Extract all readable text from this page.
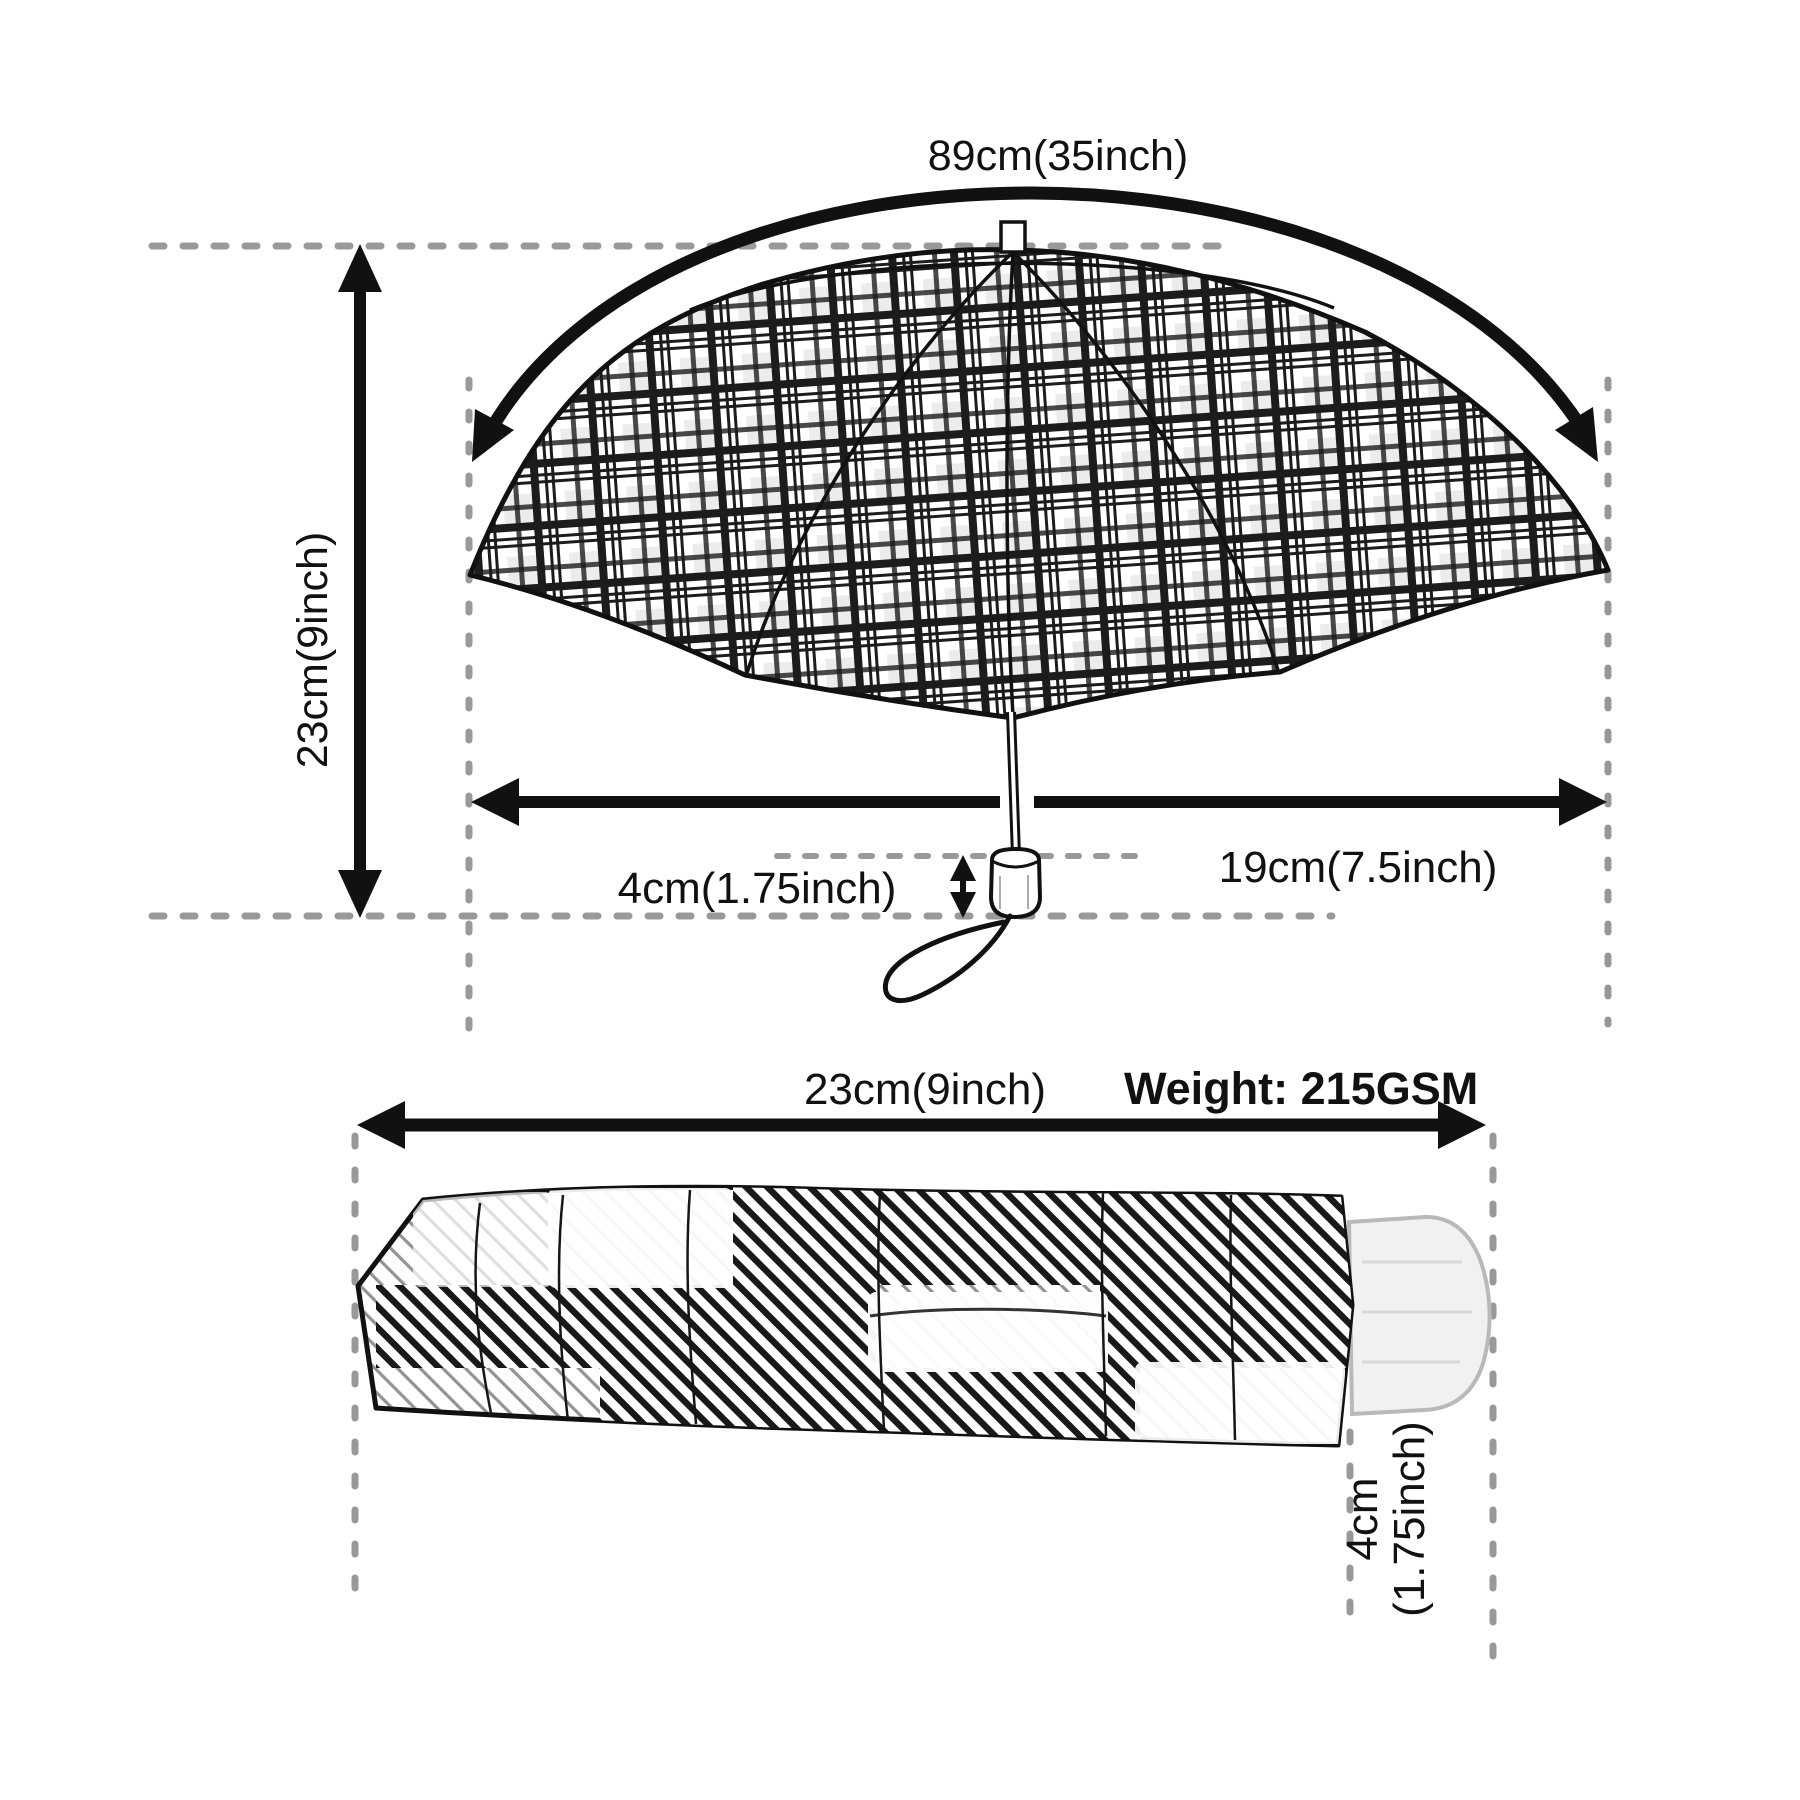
89cm(35inch)
23cm(9inch)
19cm(7.5inch)
4cm(1.75inch)
23cm(9inch) Weight: 215GSM
4cm
(1.75inch)
